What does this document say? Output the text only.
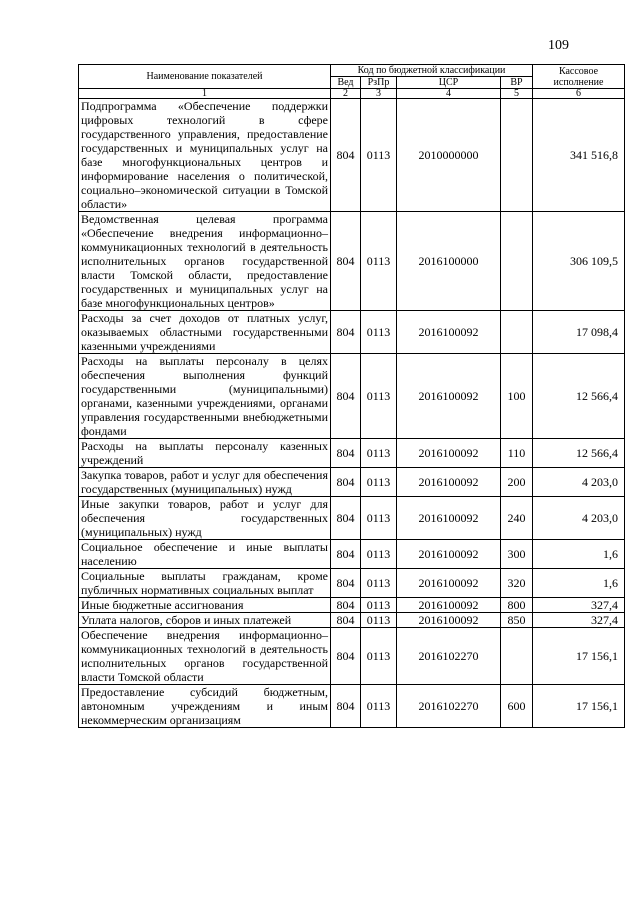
109
Наименование показателей	Код по бюджетной классификации				Кассовое исполнение
	Вед	РзПр	ЦСР	ВР	
1	2	3	4	5	6
Подпрограмма «Обеспечение поддержки цифровых технологий в сфере государственного управления, предоставление государственных и муниципальных услуг на базе многофункциональных центров и информирование населения о политической, социально–экономической ситуации в Томской области»	804	0113	2010000000		341 516,8
Ведомственная целевая программа «Обеспечение внедрения информационно–коммуникационных технологий в деятельность исполнительных органов государственной власти Томской области, предоставление государственных и муниципальных услуг на базе многофункциональных центров»	804	0113	2016100000		306 109,5
Расходы за счет доходов от платных услуг, оказываемых областными государственными казенными учреждениями	804	0113	2016100092		17 098,4
Расходы на выплаты персоналу в целях обеспечения выполнения функций государственными (муниципальными) органами, казенными учреждениями, органами управления государственными внебюджетными фондами	804	0113	2016100092	100	12 566,4
Расходы на выплаты персоналу казенных учреждений	804	0113	2016100092	110	12 566,4
Закупка товаров, работ и услуг для обеспечения государственных (муниципальных) нужд	804	0113	2016100092	200	4 203,0
Иные закупки товаров, работ и услуг для обеспечения государственных (муниципальных) нужд	804	0113	2016100092	240	4 203,0
Социальное обеспечение и иные выплаты населению	804	0113	2016100092	300	1,6
Социальные выплаты гражданам, кроме публичных нормативных социальных выплат	804	0113	2016100092	320	1,6
Иные бюджетные ассигнования	804	0113	2016100092	800	327,4
Уплата налогов, сборов и иных платежей	804	0113	2016100092	850	327,4
Обеспечение внедрения информационно–коммуникационных технологий в деятельность исполнительных органов государственной власти Томской области	804	0113	2016102270		17 156,1
Предоставление субсидий бюджетным, автономным учреждениям и иным некоммерческим организациям	804	0113	2016102270	600	17 156,1
